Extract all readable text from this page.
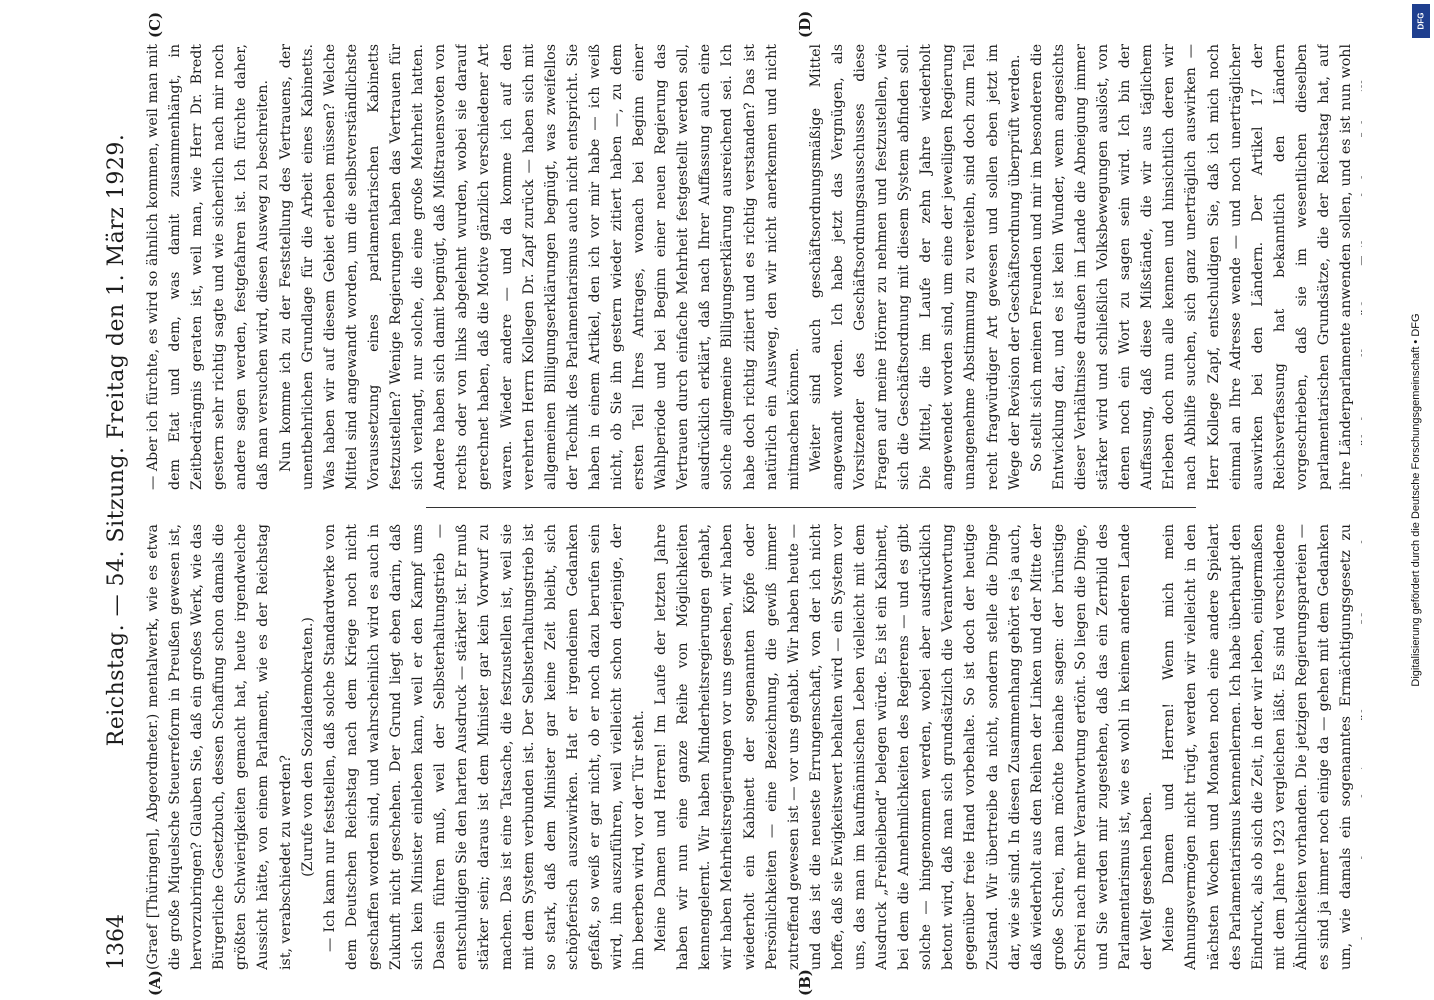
1364
Reichstag. — 54. Sitzung. Freitag den 1. März 1929.

(Graef [Thüringen], Abgeordneter.) mentalwerk, wie es etwa die große Miquelsche Steuerreform in Preußen gewesen ist, hervorzubringen? Glauben Sie, daß ein großes Werk, wie das Bürgerliche Gesetzbuch, dessen Schaffung schon damals die größten Schwierigkeiten gemacht hat, heute irgendwelche Aussicht hätte, von einem Parlament, wie es der Reichstag ist, verabschiedet zu werden? (Zurufe von den Sozialdemokraten.) — Ich kann nur feststellen, daß solche Standardwerke von dem Deutschen Reichstag nach dem Kriege noch nicht geschaffen worden sind, und wahrscheinlich wird es auch in Zukunft nicht geschehen. Der Grund liegt eben darin, daß sich kein Minister einleben kann, weil er den Kampf ums Dasein führen muß, weil der Selbsterhaltungstrieb — entschuldigen Sie den harten Ausdruck — stärker ist. Er muß stärker sein; daraus ist dem Minister gar kein Vorwurf zu machen. Das ist eine Tatsache, die festzustellen ist, weil sie mit dem System verbunden ist. Der Selbsterhaltungstrieb ist so stark, daß dem Minister gar keine Zeit bleibt, sich schöpferisch auszuwirken. Hat er irgendeinen Gedanken gefaßt, so weiß er gar nicht, ob er noch dazu berufen sein wird, ihn auszuführen, weil vielleicht schon derjenige, der ihn beerben wird, vor der Tür steht. Meine Damen und Herren! Im Laufe der letzten Jahre haben wir nun eine ganze Reihe von Möglichkeiten kennengelernt. Wir haben Minderheitsregierungen gehabt, wir haben Mehrheitsregierungen vor uns gesehen, wir haben wiederholt ein Kabinett der sogenannten Köpfe oder Persönlichkeiten — eine Bezeichnung, die gewiß immer zutreffend gewesen ist — vor uns gehabt. Wir haben heute — und das ist die neueste Errungenschaft, von der ich nicht hoffe, daß sie Ewigkeitswert behalten wird — ein System vor uns, das man im kaufmännischen Leben vielleicht mit dem Ausdruck „Freibleibend“ belegen würde. Es ist ein Kabinett, bei dem die Annehmlichkeiten des Regierens — und es gibt solche — hingenommen werden, wobei aber ausdrücklich betont wird, daß man sich grundsätzlich die Verantwortung gegenüber freie Hand vorbehalte. So ist doch der heutige Zustand. Wir übertreibe da nicht, sondern stelle die Dinge dar, wie sie sind. In diesen Zusammenhang gehört es ja auch, daß wiederholt aus den Reihen der Linken und der Mitte der große Schrei, man möchte beinahe sagen: der brünstige Schrei nach mehr Verantwortung ertönt. So liegen die Dinge, und Sie werden mir zugestehen, daß das ein Zerrbild des Parlamentarismus ist, wie es wohl in keinem anderen Lande der Welt gesehen haben. Meine Damen und Herren! Wenn mich mein Ahnungsvermögen nicht trügt, werden wir vielleicht in den nächsten Wochen und Monaten noch eine andere Spielart des Parlamentarismus kennenlernen. Ich habe überhaupt den Eindruck, als ob sich die Zeit, in der wir leben, einigermaßen mit dem Jahre 1923 vergleichen läßt. Es sind verschiedene Ähnlichkeiten vorhanden. Die jetzigen Regierungsparteien — es sind ja immer noch einige da — gehen mit dem Gedanken um, wie damals ein sogenanntes Ermächtigungsgesetz zu

— Aber ich fürchte, es wird so ähnlich kommen, weil man mit dem Etat und dem, was damit zusammenhängt, in Zeitbedrängnis geraten ist, weil man, wie Herr Dr. Bredt gestern sehr richtig sagte und wie sicherlich nach mir noch andere sagen werden, festgefahren ist. Ich fürchte daher, daß man versuchen wird, diesen Ausweg zu beschreiten. Nun komme ich zu der Feststellung des Vertrauens, der unentbehrlichen Grundlage für die Arbeit eines Kabinetts. Was haben wir auf diesem Gebiet erleben müssen? Welche Mittel sind angewandt worden, um die selbstverständlichste Voraussetzung eines parlamentarischen Kabinetts festzustellen? Wenige Regierungen haben das Vertrauen für sich verlangt, nur solche, die eine große Mehrheit hatten. Andere haben sich damit begnügt, daß Mißtrauensvoten von rechts oder von links abgelehnt wurden, wobei sie darauf gerechnet haben, daß die Motive gänzlich verschiedener Art waren. Wieder andere — und da komme ich auf den verehrten Herrn Kollegen Dr. Zapf zurück — haben sich mit allgemeinen Billigungserklärungen begnügt, was zweifellos der Technik des Parlamentarismus auch nicht entspricht. Sie haben in einem Artikel, den ich vor mir habe — ich weiß nicht, ob Sie ihn gestern wieder zitiert haben —, zu dem ersten Teil Ihres Antrages, wonach bei Beginn einer Wahlperiode und bei Beginn einer neuen Regierung das Vertrauen durch einfache Mehrheit festgestellt werden soll, ausdrücklich erklärt, daß nach Ihrer Auffassung auch eine solche allgemeine Billigungserklärung ausreichend sei. Ich habe doch richtig zitiert und es richtig verstanden? Das ist natürlich ein Ausweg, den wir nicht anerkennen und nicht mitmachen können. Weiter sind auch geschäftsordnungsmäßige Mittel angewandt worden. Ich habe jetzt das Vergnügen, als Vorsitzender des Geschäftsordnungsausschusses diese Fragen auf meine Hörner zu nehmen und festzustellen, wie sich die Geschäftsordnung mit diesem System abfinden soll. Die Mittel, die im Laufe der zehn Jahre wiederholt angewendet worden sind, um eine der jeweiligen Regierung unangenehme Abstimmung zu vereiteln, sind doch zum Teil recht fragwürdiger Art gewesen und sollen eben jetzt im Wege der Revision der Geschäftsordnung überprüft werden. So stellt sich meinen Freunden und mir im besonderen die Entwicklung dar, und es ist kein Wunder, wenn angesichts dieser Verhältnisse draußen im Lande die Abneigung immer stärker wird und schließlich Volksbewegungen auslöst, von denen noch ein Wort zu sagen sein wird. Ich bin der Auffassung, daß diese Mißstände, die wir aus täglichem Erleben doch nun alle kennen und hinsichtlich deren wir nach Abhilfe suchen, sich ganz unerträglich auswirken — Herr Kollege Zapf, entschuldigen Sie, daß ich mich noch einmal an Ihre Adresse wende — und noch unerträglicher auswirken bei den Ländern. Der Artikel 17 der Reichsverfassung hat bekanntlich den Ländern vorgeschrieben, daß sie im wesentlichen dieselben parlamentarischen Grundsätze, die der Reichstag hat, auf ihre Länderparlamente anwenden sollen, und es ist nun wohl

(A)	(B)
(C)	(D)	DFG
Digitalisierung gefördert durch die Deutsche Forschungsgemeinschaft • DFG
